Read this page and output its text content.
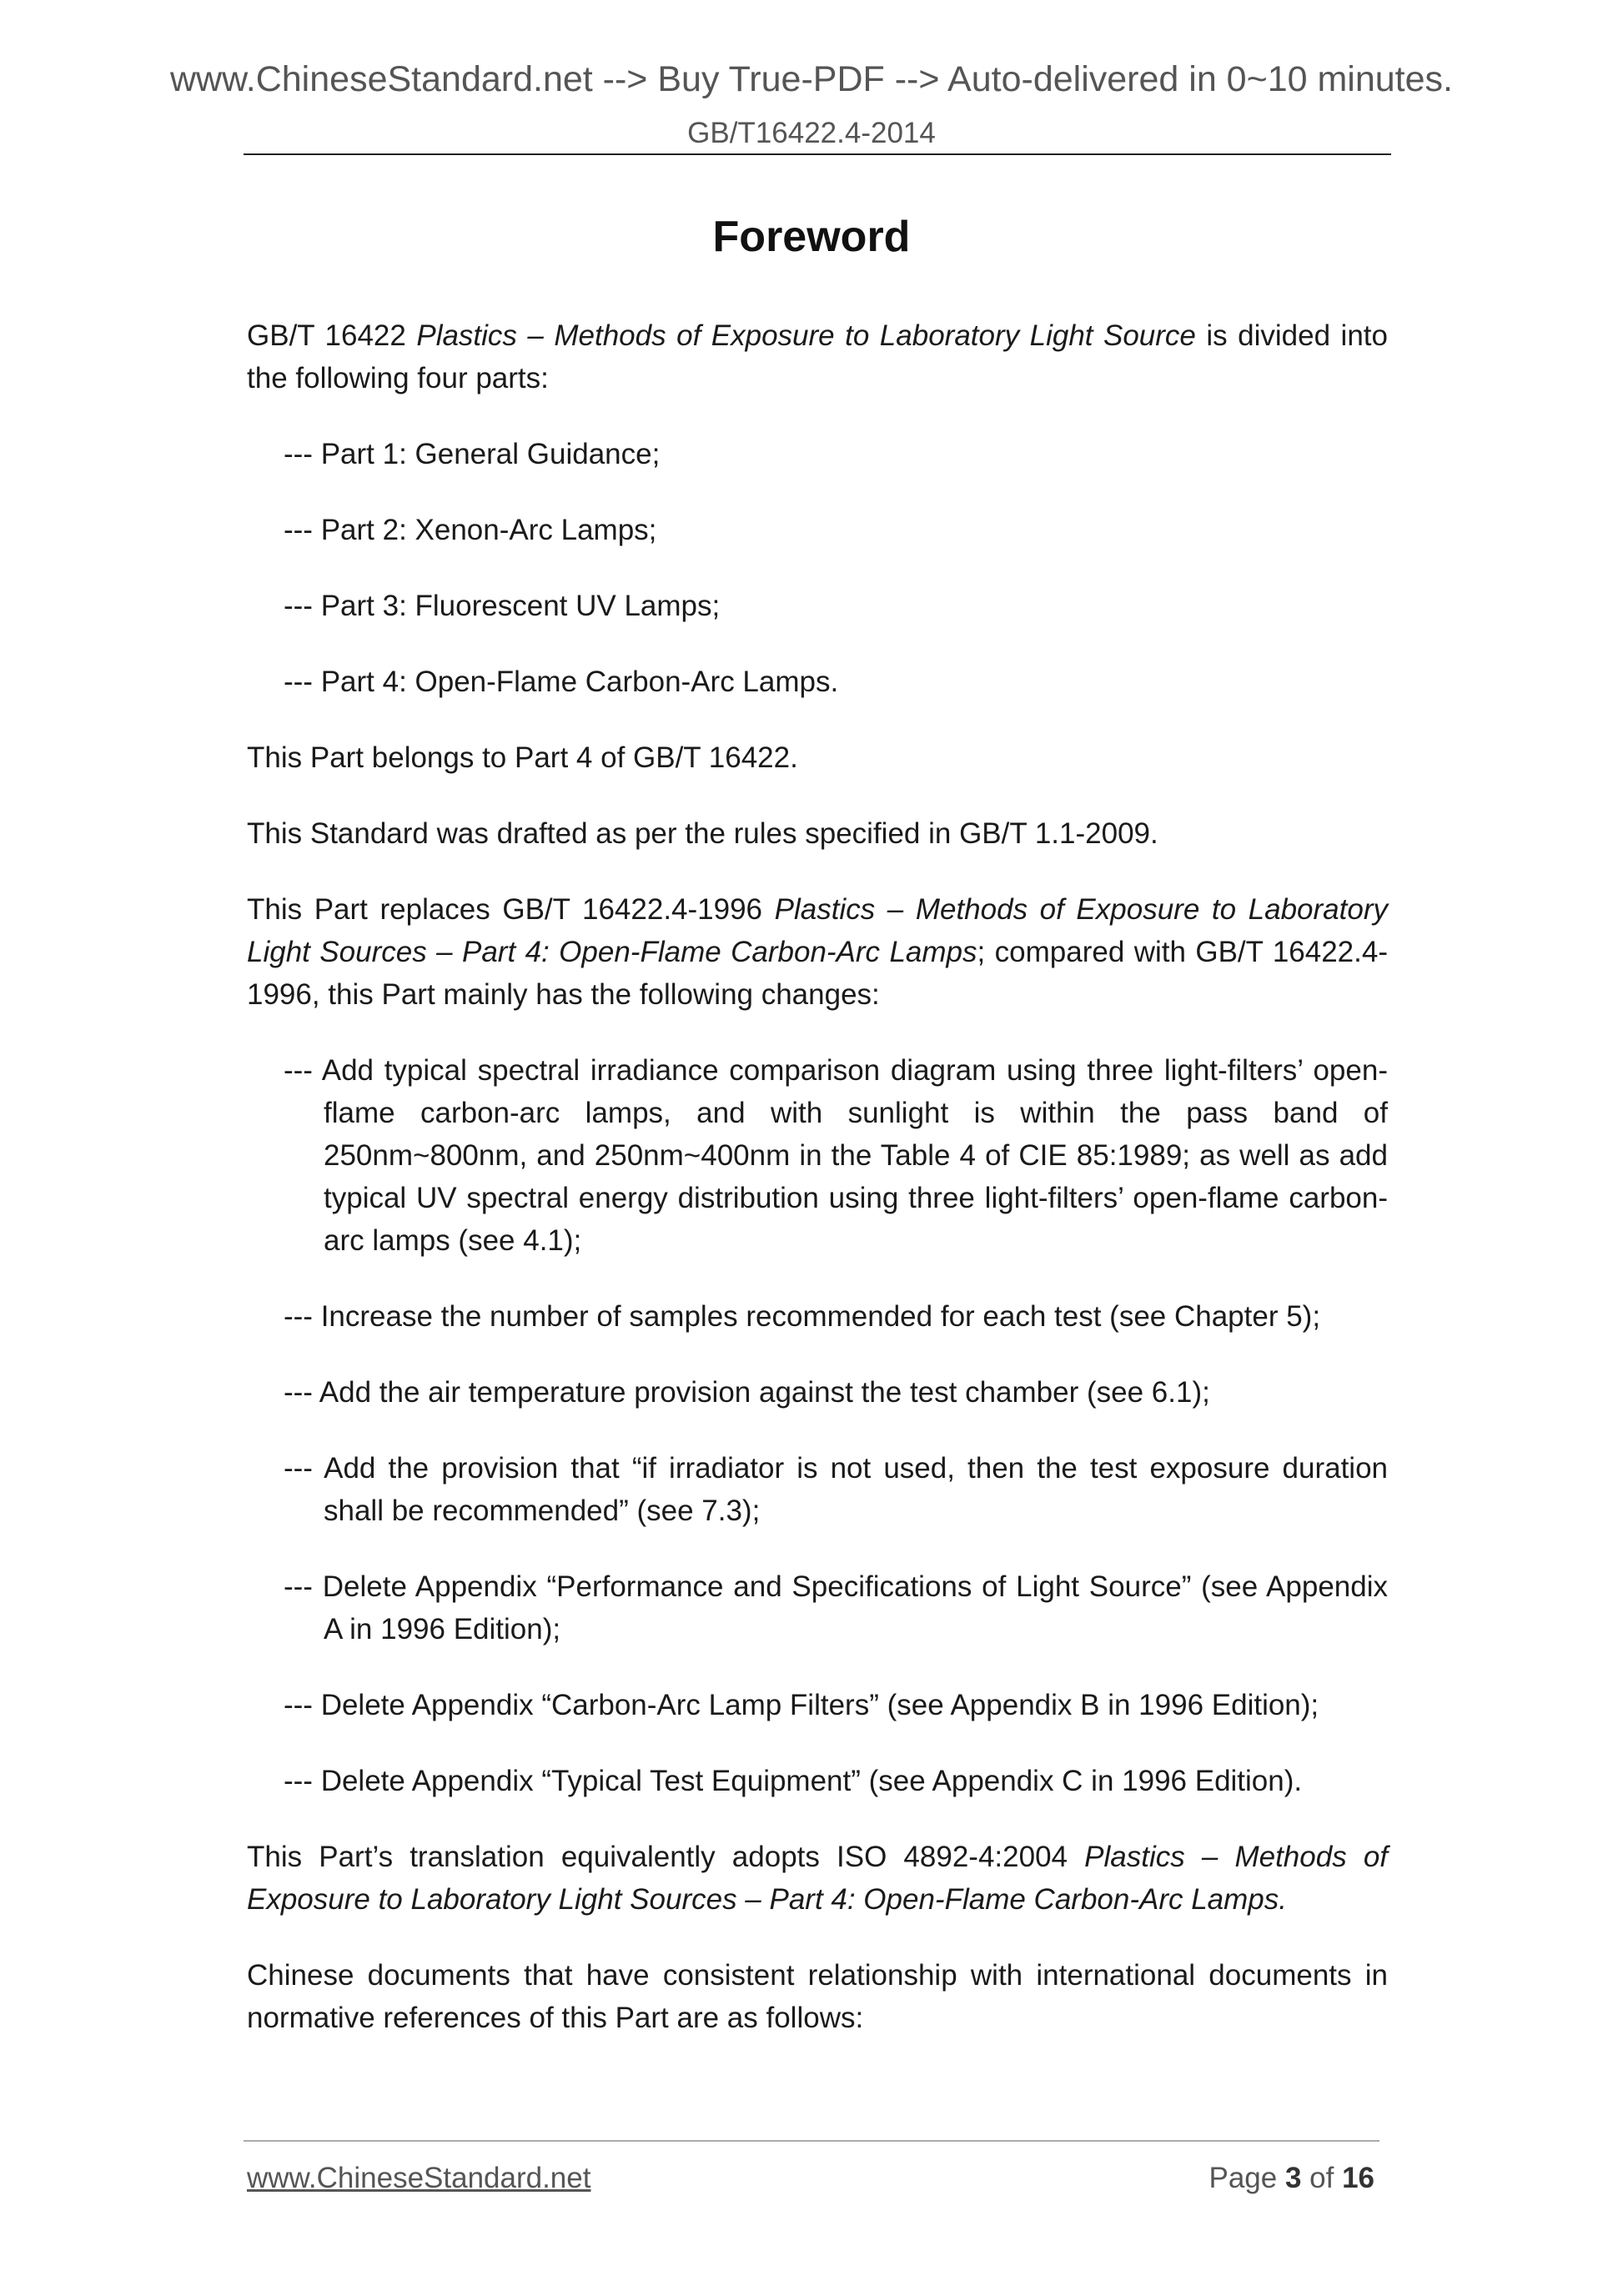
www.ChineseStandard.net --> Buy True-PDF --> Auto-delivered in 0~10 minutes.
GB/T16422.4-2014
Foreword

GB/T 16422 Plastics – Methods of Exposure to Laboratory Light Source is divided into the following four parts:

--- Part 1: General Guidance;

--- Part 2: Xenon-Arc Lamps;

--- Part 3: Fluorescent UV Lamps;

--- Part 4: Open-Flame Carbon-Arc Lamps.

This Part belongs to Part 4 of GB/T 16422.

This Standard was drafted as per the rules specified in GB/T 1.1-2009.

This Part replaces GB/T 16422.4-1996 Plastics – Methods of Exposure to Laboratory Light Sources – Part 4: Open-Flame Carbon-Arc Lamps; compared with GB/T 16422.4-1996, this Part mainly has the following changes:

--- Add typical spectral irradiance comparison diagram using three light-filters’ open-flame carbon-arc lamps, and with sunlight is within the pass band of 250nm~800nm, and 250nm~400nm in the Table 4 of CIE 85:1989; as well as add typical UV spectral energy distribution using three light-filters’ open-flame carbon-arc lamps (see 4.1);

--- Increase the number of samples recommended for each test (see Chapter 5);

--- Add the air temperature provision against the test chamber (see 6.1);

--- Add the provision that “if irradiator is not used, then the test exposure duration shall be recommended” (see 7.3);

--- Delete Appendix “Performance and Specifications of Light Source” (see Appendix A in 1996 Edition);

--- Delete Appendix “Carbon-Arc Lamp Filters” (see Appendix B in 1996 Edition);

--- Delete Appendix “Typical Test Equipment” (see Appendix C in 1996 Edition).

This Part’s translation equivalently adopts ISO 4892-4:2004 Plastics – Methods of Exposure to Laboratory Light Sources – Part 4: Open-Flame Carbon-Arc Lamps.

Chinese documents that have consistent relationship with international documents in normative references of this Part are as follows:

www.ChineseStandard.net	Page 3 of 16
